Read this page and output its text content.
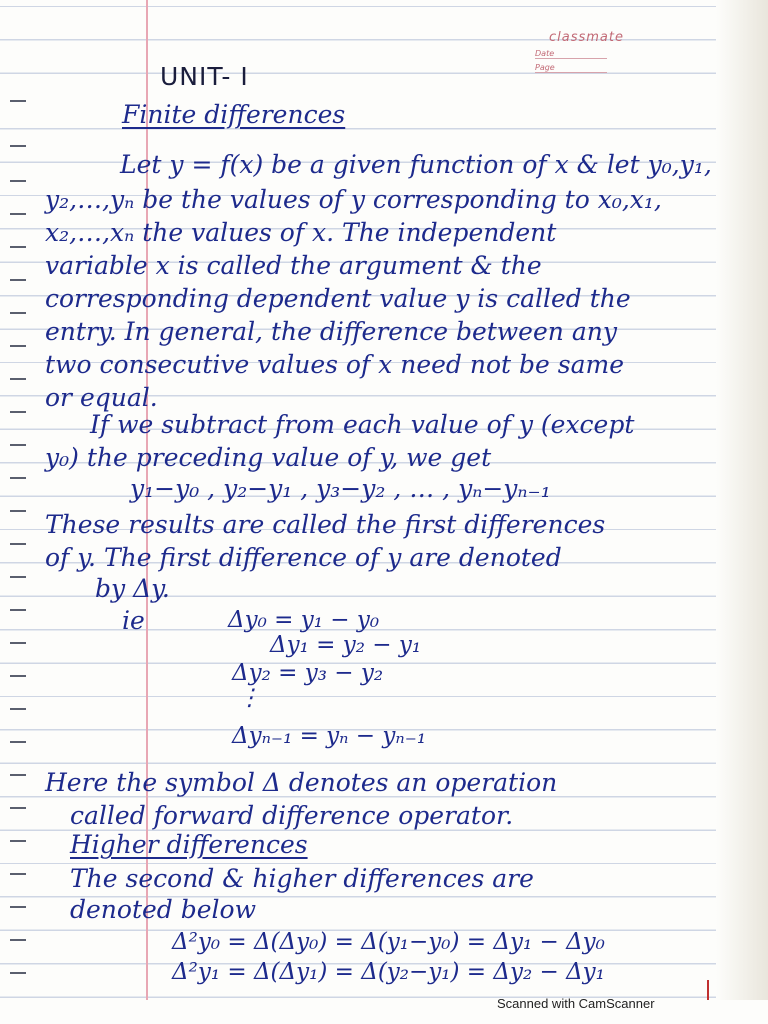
classmate
Date
Page
UNIT- I
Finite differences
Let y = f(x) be a given function of x & let y₀,y₁,
y₂,…,yₙ be the values of y corresponding to x₀,x₁,
x₂,…,xₙ the values of x. The independent
variable x is called the argument & the
corresponding dependent value y is called the
entry. In general, the difference between any
two consecutive values of x need not be same
or equal.
If we subtract from each value of y (except
y₀) the preceding value of y, we get
y₁−y₀ , y₂−y₁ , y₃−y₂ , … , yₙ−yₙ₋₁
These results are called the first differences
of y. The first difference of y are denoted
by Δy.
ie	Δy₀ = y₁ − y₀
Δy₁ = y₂ − y₁
Δy₂ = y₃ − y₂
⋮
Δyₙ₋₁ = yₙ − yₙ₋₁
Here the symbol Δ denotes an operation
called forward difference operator.
Higher differences
The second & higher differences are
denoted below
Δ²y₀ = Δ(Δy₀) = Δ(y₁−y₀) = Δy₁ − Δy₀
Δ²y₁ = Δ(Δy₁) = Δ(y₂−y₁) = Δy₂ − Δy₁
Scanned with CamScanner
